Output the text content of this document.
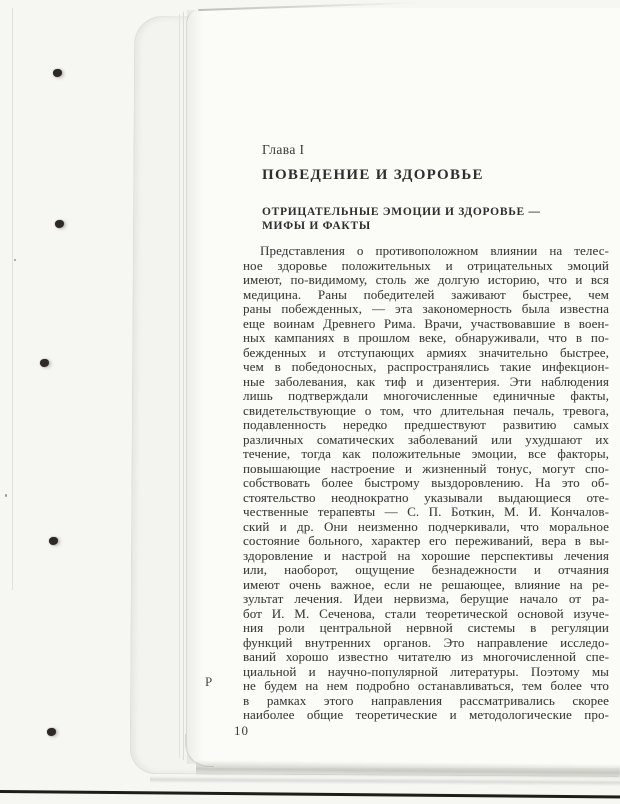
Глава I
ПОВЕДЕНИЕ И ЗДОРОВЬЕ
ОТРИЦАТЕЛЬНЫЕ ЭМОЦИИ И ЗДОРОВЬЕ —
МИФЫ И ФАКТЫ
Представления о противоположном влиянии на телес-
ное здоровье положительных и отрицательных эмоций
имеют, по-видимому, столь же долгую историю, что и вся
медицина. Раны победителей заживают быстрее, чем
раны побежденных, — эта закономерность была известна
еще воинам Древнего Рима. Врачи, участвовавшие в воен-
ных кампаниях в прошлом веке, обнаруживали, что в по-
бежденных и отступающих армиях значительно быстрее,
чем в победоносных, распространялись такие инфекцион-
ные заболевания, как тиф и дизентерия. Эти наблюдения
лишь подтверждали многочисленные единичные факты,
свидетельствующие о том, что длительная печаль, тревога,
подавленность нередко предшествуют развитию самых
различных соматических заболеваний или ухудшают их
течение, тогда как положительные эмоции, все факторы,
повышающие настроение и жизненный тонус, могут спо-
собствовать более быстрому выздоровлению. На это об-
стоятельство неоднократно указывали выдающиеся оте-
чественные терапевты — С. П. Боткин, М. И. Кончалов-
ский и др. Они неизменно подчеркивали, что моральное
состояние больного, характер его переживаний, вера в вы-
здоровление и настрой на хорошие перспективы лечения
или, наоборот, ощущение безнадежности и отчаяния
имеют очень важное, если не решающее, влияние на ре-
зультат лечения. Идеи нервизма, берущие начало от ра-
бот И. М. Сеченова, стали теоретической основой изуче-
ния роли центральной нервной системы в регуляции
функций внутренних органов. Это направление исследо-
ваний хорошо известно читателю из многочисленной спе-
циальной и научно-популярной литературы. Поэтому мы
не будем на нем подробно останавливаться, тем более что
в рамках этого направления рассматривались скорее
наиболее общие теоретические и методологические про-
Р
10
